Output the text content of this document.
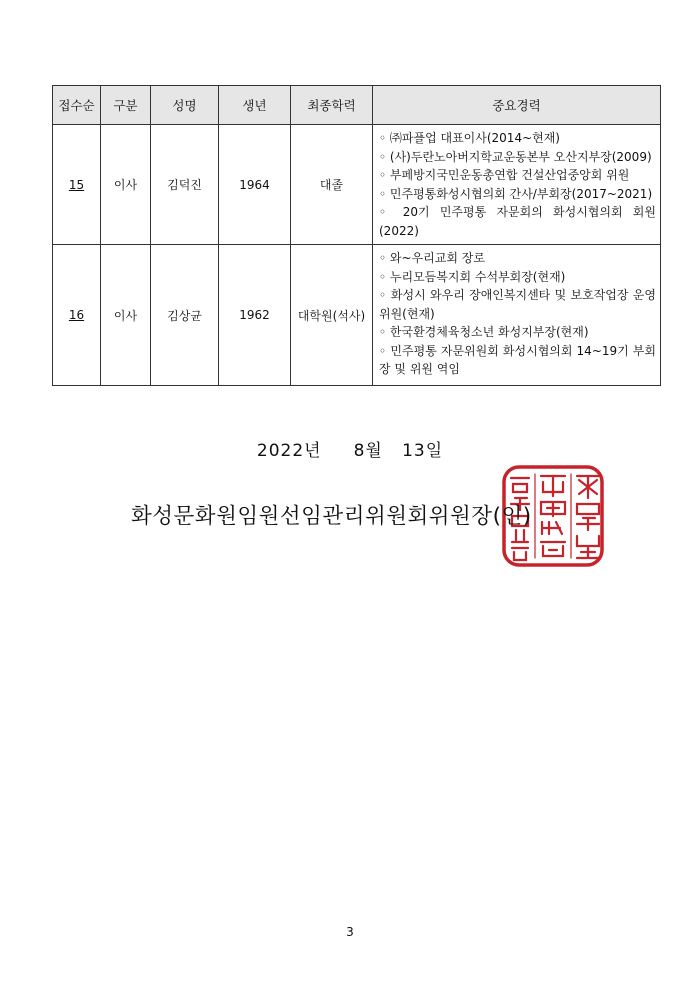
접수순	구분	성명	생년	최종학력	중요경력
15	이사	김덕진	1964	대졸	◦ ㈜파플업 대표이사(2014~현재)
◦ (사)두란노아버지학교운동본부 오산지부장(2009)
◦ 부페방지국민운동총연합 건설산업중앙회 위원
◦ 민주평통화성시협의회 간사/부회장(2017~2021)
◦ 20기 민주평통 자문회의 화성시협의회 회원(2022)

16	이사	김상균	1962	대학원(석사)	◦ 와~우리교회 장로
◦ 누리모듬복지회 수석부회장(현재)
◦ 화성시 와우리 장애인복지센타 및 보호작업장 운영위원(현재)
◦ 한국환경체육청소년 화성지부장(현재)
◦ 민주평통 자문위원회 화성시협의회 14~19기 부회장 및 위원 역임
2022년 8월 13일
화성문화원임원선임관리위원회위원장(인)
3
